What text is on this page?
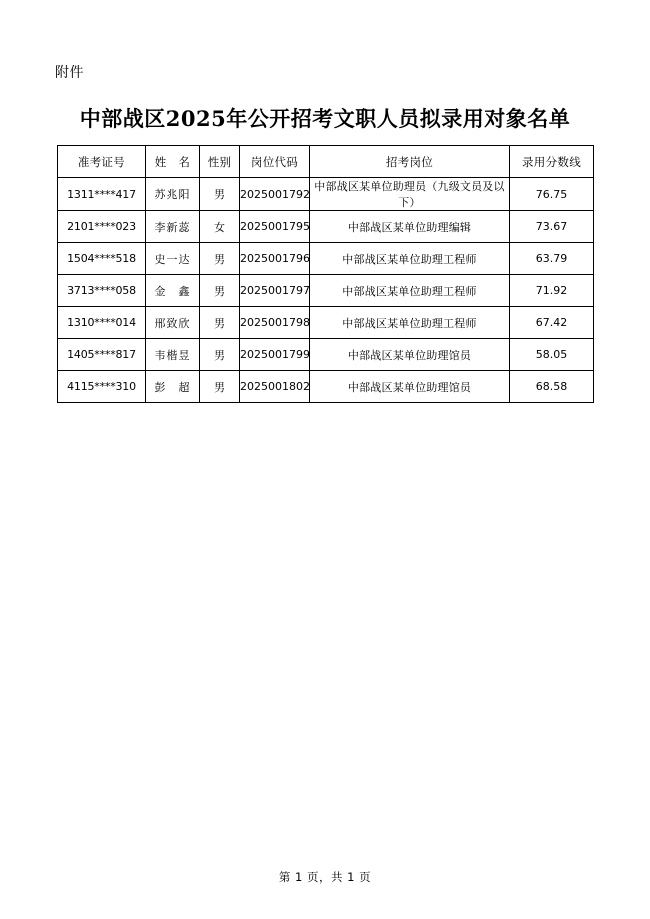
附件
中部战区2025年公开招考文职人员拟录用对象名单
准考证号	姓　名	性别	岗位代码	招考岗位	录用分数线
1311****417	苏兆阳	男	2025001792	中部战区某单位助理员（九级文员及以下）	76.75
2101****023	李新蕊	女	2025001795	中部战区某单位助理编辑	73.67
1504****518	史一达	男	2025001796	中部战区某单位助理工程师	63.79
3713****058	金　鑫	男	2025001797	中部战区某单位助理工程师	71.92
1310****014	邢致欣	男	2025001798	中部战区某单位助理工程师	67.42
1405****817	韦楷昱	男	2025001799	中部战区某单位助理馆员	58.05
4115****310	彭　超	男	2025001802	中部战区某单位助理馆员	68.58
第 1 页，共 1 页
